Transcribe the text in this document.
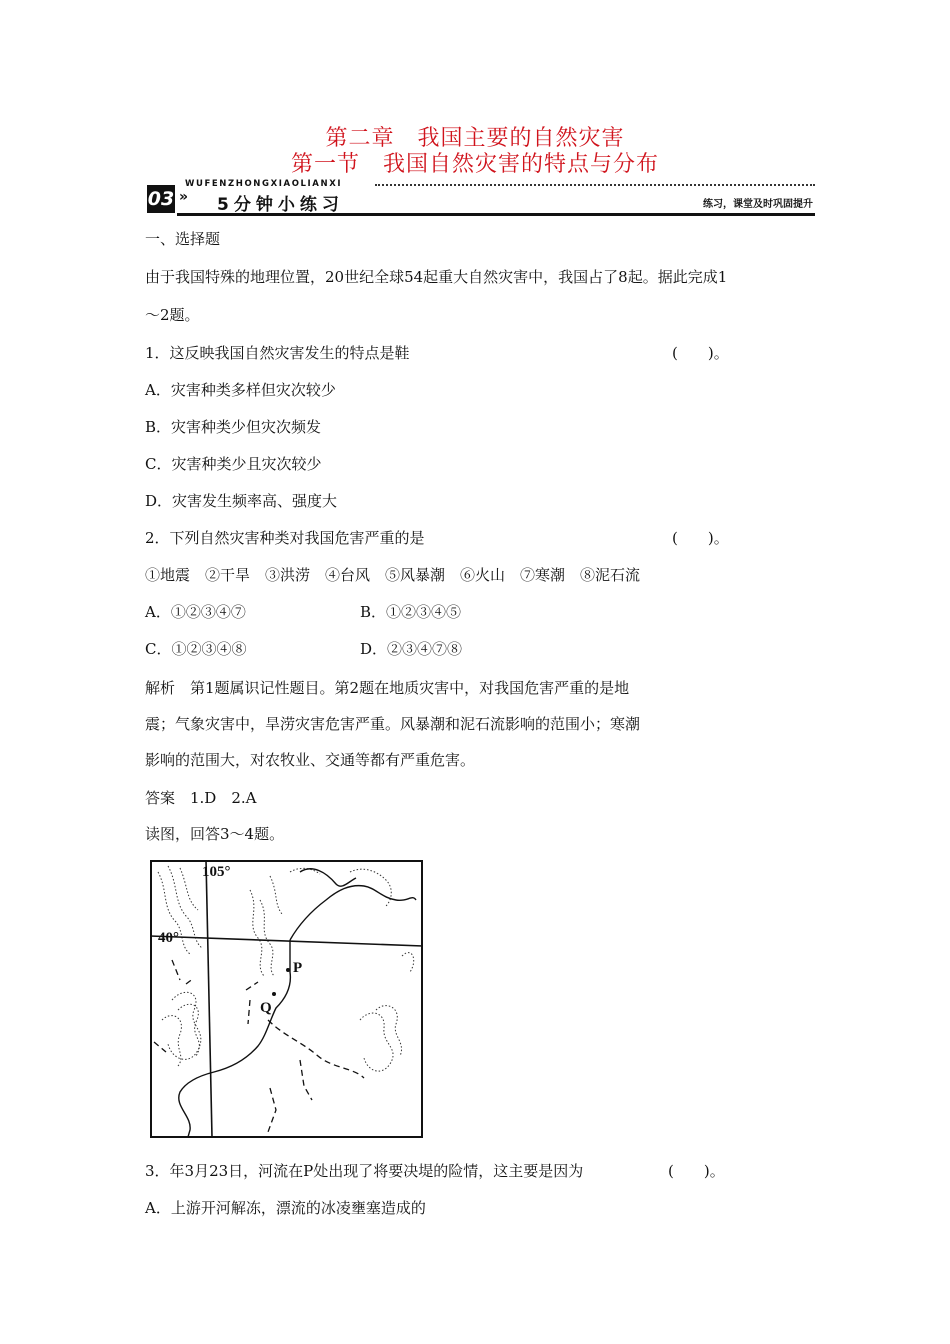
第二章　我国主要的自然灾害
第一节　我国自然灾害的特点与分布
03 »
WUFENZHONGXIAOLIANXI
5分钟小练习	练习，课堂及时巩固提升
一、选择题
由于我国特殊的地理位置，20世纪全球54起重大自然灾害中，我国占了8起。据此完成1
～2题。
1．这反映我国自然灾害发生的特点是鞋	(　　)。
A．灾害种类多样但灾次较少
B．灾害种类少但灾次频发
C．灾害种类少且灾次较少
D．灾害发生频率高、强度大
2．下列自然灾害种类对我国危害严重的是	(　　)。
①地震　②干旱　③洪涝　④台风　⑤风暴潮　⑥火山　⑦寒潮　⑧泥石流
A．①②③④⑦	B．①②③④⑤
C．①②③④⑧	D．②③④⑦⑧
解析　第1题属识记性题目。第2题在地质灾害中，对我国危害严重的是地
震；气象灾害中，旱涝灾害危害严重。风暴潮和泥石流影响的范围小；寒潮
影响的范围大，对农牧业、交通等都有严重危害。
答案　1.D　2.A
读图，回答3～4题。
105°
40°
P
Q
3．年3月23日，河流在P处出现了将要决堤的险情，这主要是因为	(　　)。
A．上游开河解冻，漂流的冰凌壅塞造成的
